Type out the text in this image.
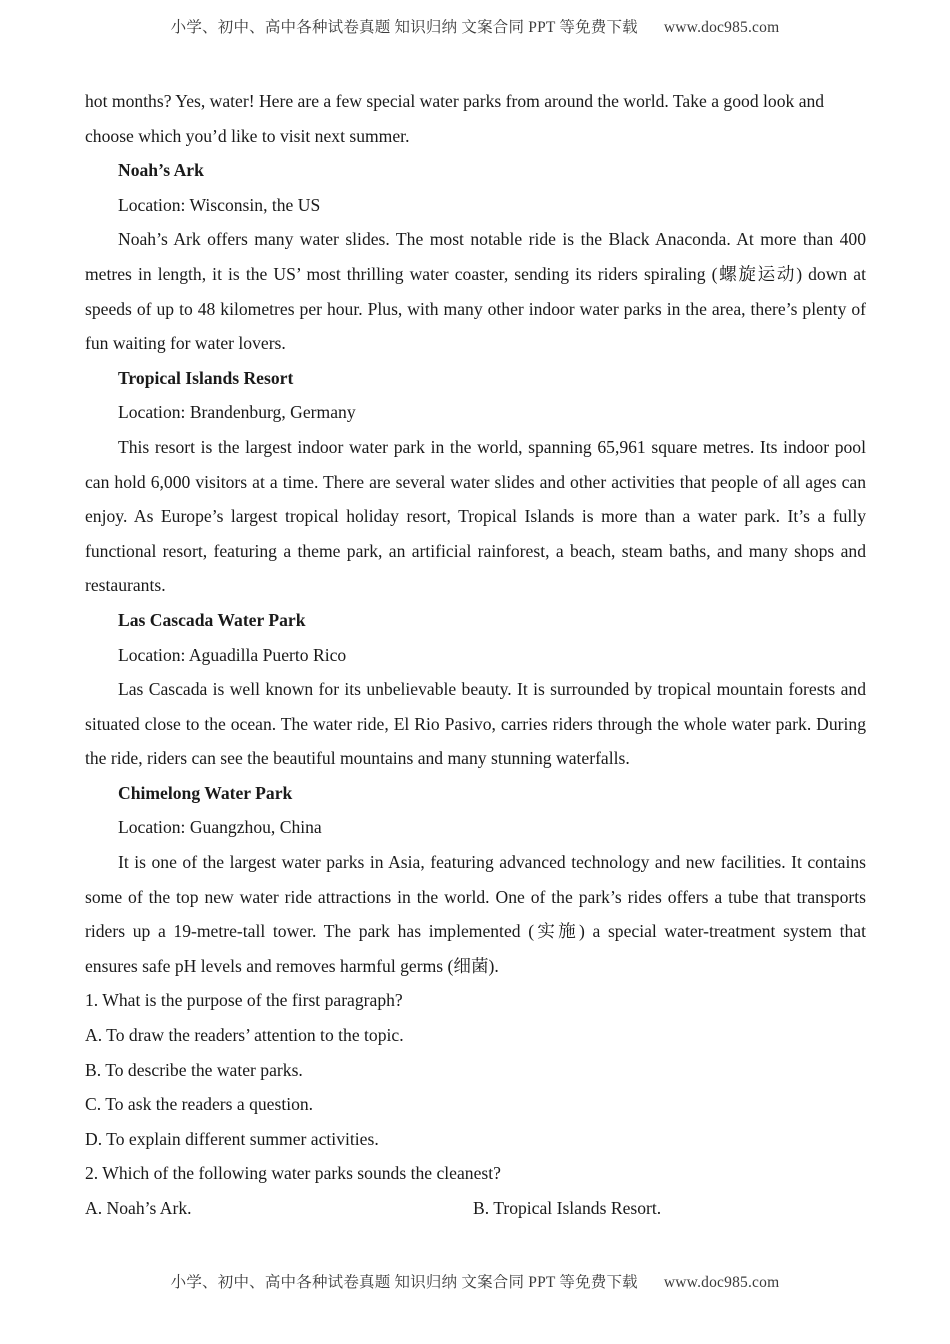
小学、初中、高中各种试卷真题 知识归纳 文案合同 PPT 等免费下载 www.doc985.com

hot months? Yes, water! Here are a few special water parks from around the world. Take a good look and choose which you’d like to visit next summer.

Noah’s Ark

Location: Wisconsin, the US

Noah’s Ark offers many water slides. The most notable ride is the Black Anaconda. At more than 400 metres in length, it is the US’ most thrilling water coaster, sending its riders spiraling (螺旋运动) down at speeds of up to 48 kilometres per hour. Plus, with many other indoor water parks in the area, there’s plenty of fun waiting for water lovers.

Tropical Islands Resort

Location: Brandenburg, Germany

This resort is the largest indoor water park in the world, spanning 65,961 square metres. Its indoor pool can hold 6,000 visitors at a time. There are several water slides and other activities that people of all ages can enjoy. As Europe’s largest tropical holiday resort, Tropical Islands is more than a water park. It’s a fully functional resort, featuring a theme park, an artificial rainforest, a beach, steam baths, and many shops and restaurants.

Las Cascada Water Park

Location: Aguadilla Puerto Rico

Las Cascada is well known for its unbelievable beauty. It is surrounded by tropical mountain forests and situated close to the ocean. The water ride, El Rio Pasivo, carries riders through the whole water park. During the ride, riders can see the beautiful mountains and many stunning waterfalls.

Chimelong Water Park

Location: Guangzhou, China

It is one of the largest water parks in Asia, featuring advanced technology and new facilities. It contains some of the top new water ride attractions in the world. One of the park’s rides offers a tube that transports riders up a 19-metre-tall tower. The park has implemented (实施) a special water-treatment system that ensures safe pH levels and removes harmful germs (细菌).

1. What is the purpose of the first paragraph?

A. To draw the readers’ attention to the topic.

B. To describe the water parks.

C. To ask the readers a question.

D. To explain different summer activities.

2. Which of the following water parks sounds the cleanest?

A. Noah’s Ark.	B. Tropical Islands Resort.
小学、初中、高中各种试卷真题 知识归纳 文案合同 PPT 等免费下载 www.doc985.com
